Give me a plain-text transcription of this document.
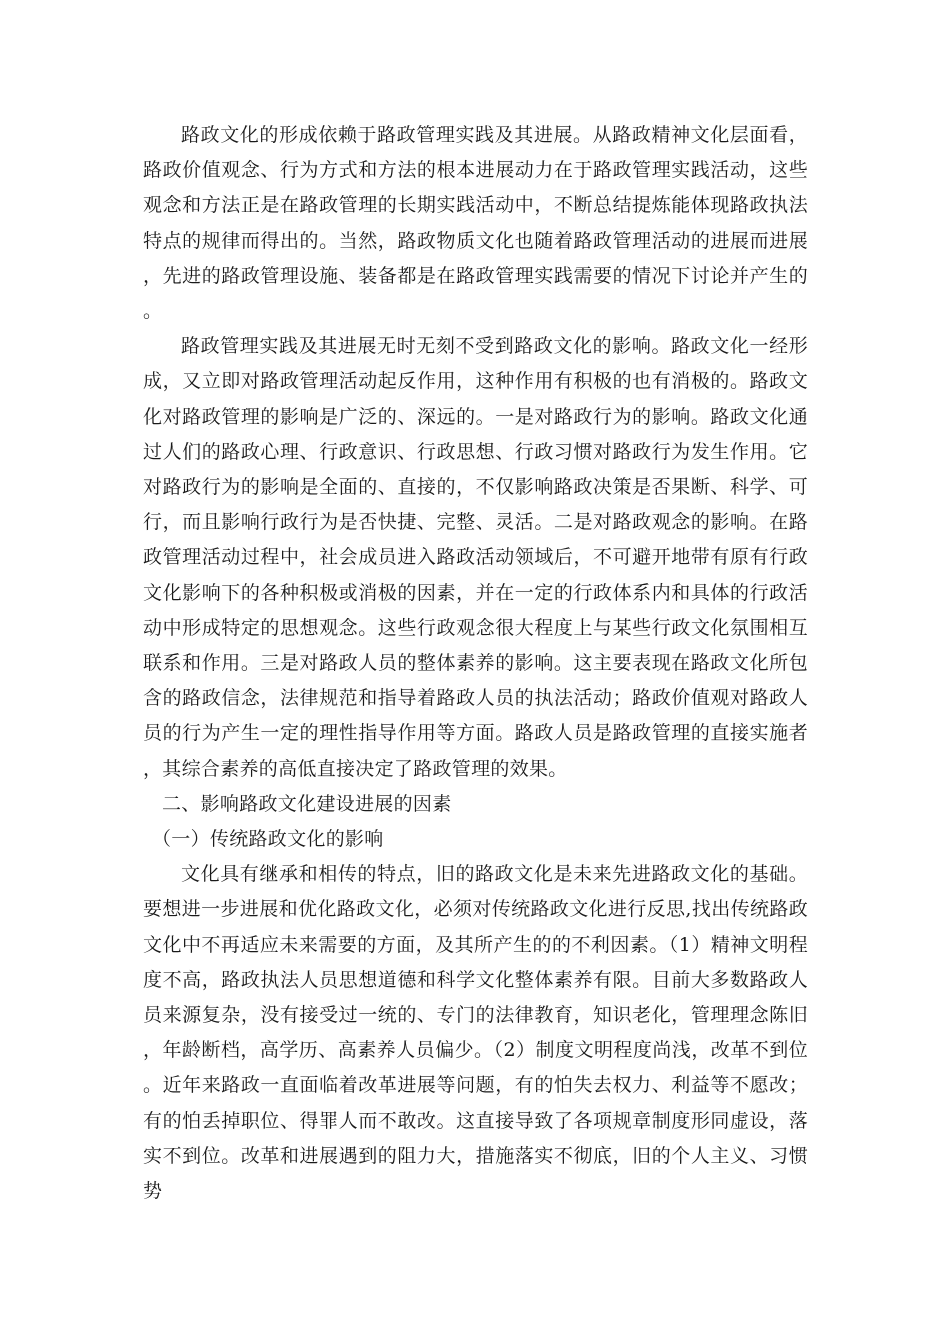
路政文化的形成依赖于路政管理实践及其进展。从路政精神文化层面看，路政价值观念、行为方式和方法的根本进展动力在于路政管理实践活动，这些观念和方法正是在路政管理的长期实践活动中，不断总结提炼能体现路政执法特点的规律而得出的。当然，路政物质文化也随着路政管理活动的进展而进展，先进的路政管理设施、装备都是在路政管理实践需要的情况下讨论并产生的。

路政管理实践及其进展无时无刻不受到路政文化的影响。路政文化一经形成，又立即对路政管理活动起反作用，这种作用有积极的也有消极的。路政文化对路政管理的影响是广泛的、深远的。一是对路政行为的影响。路政文化通过人们的路政心理、行政意识、行政思想、行政习惯对路政行为发生作用。它对路政行为的影响是全面的、直接的，不仅影响路政决策是否果断、科学、可行，而且影响行政行为是否快捷、完整、灵活。二是对路政观念的影响。在路政管理活动过程中，社会成员进入路政活动领域后，不可避开地带有原有行政文化影响下的各种积极或消极的因素，并在一定的行政体系内和具体的行政活动中形成特定的思想观念。这些行政观念很大程度上与某些行政文化氛围相互联系和作用。三是对路政人员的整体素养的影响。这主要表现在路政文化所包含的路政信念，法律规范和指导着路政人员的执法活动；路政价值观对路政人员的行为产生一定的理性指导作用等方面。路政人员是路政管理的直接实施者，其综合素养的高低直接决定了路政管理的效果。

二、影响路政文化建设进展的因素

（一）传统路政文化的影响

文化具有继承和相传的特点，旧的路政文化是未来先进路政文化的基础。要想进一步进展和优化路政文化，必须对传统路政文化进行反思,找出传统路政文化中不再适应未来需要的方面，及其所产生的的不利因素。（1）精神文明程度不高，路政执法人员思想道德和科学文化整体素养有限。目前大多数路政人员来源复杂，没有接受过一统的、专门的法律教育，知识老化，管理理念陈旧，年龄断档，高学历、高素养人员偏少。（2）制度文明程度尚浅，改革不到位。近年来路政一直面临着改革进展等问题，有的怕失去权力、利益等不愿改；有的怕丢掉职位、得罪人而不敢改。这直接导致了各项规章制度形同虚设，落实不到位。改革和进展遇到的阻力大，措施落实不彻底，旧的个人主义、习惯势
